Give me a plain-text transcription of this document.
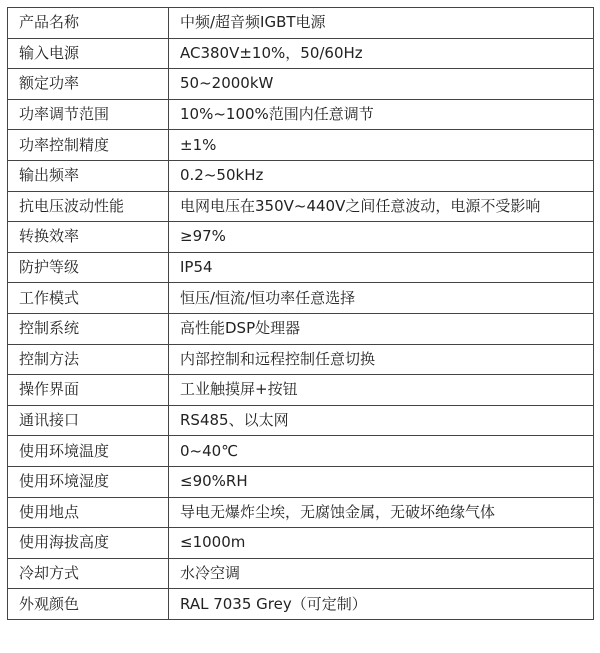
产品名称	中频/超音频IGBT电源
输入电源	AC380V±10%，50/60Hz
额定功率	50~2000kW
功率调节范围	10%~100%范围内任意调节
功率控制精度	±1%
输出频率	0.2~50kHz
抗电压波动性能	电网电压在350V~440V之间任意波动，电源不受影响
转换效率	≥97%
防护等级	IP54
工作模式	恒压/恒流/恒功率任意选择
控制系统	高性能DSP处理器
控制方法	内部控制和远程控制任意切换
操作界面	工业触摸屏+按钮
通讯接口	RS485、以太网
使用环境温度	0~40℃
使用环境湿度	≤90%RH
使用地点	导电无爆炸尘埃，无腐蚀金属，无破坏绝缘气体
使用海拔高度	≤1000m
冷却方式	水冷空调
外观颜色	RAL 7035 Grey（可定制）
